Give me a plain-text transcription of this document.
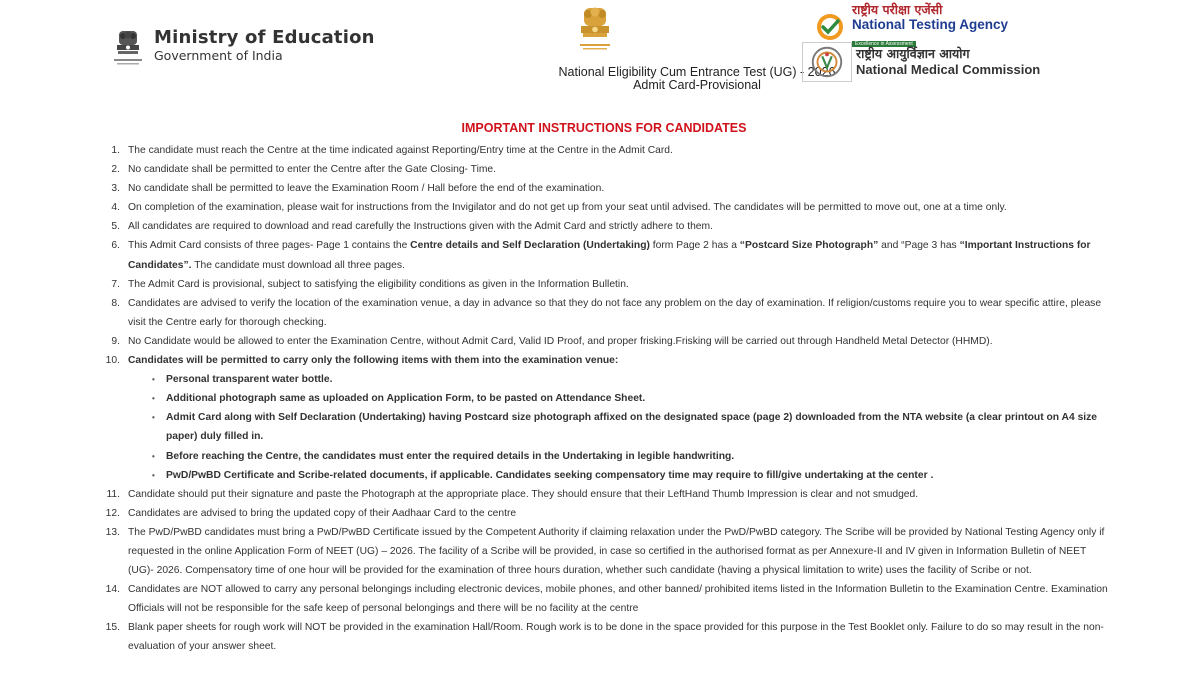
Ministry of Education
Government of India
National Eligibility Cum Entrance Test (UG) - 2026
Admit Card-Provisional
राष्ट्रीय परीक्षा एजेंसी
National Testing Agency
Excellence in Assessment
राष्ट्रीय आयुर्विज्ञान आयोग
National Medical Commission
IMPORTANT INSTRUCTIONS FOR CANDIDATES
1. The candidate must reach the Centre at the time indicated against Reporting/Entry time at the Centre in the Admit Card.
2. No candidate shall be permitted to enter the Centre after the Gate Closing- Time.
3. No candidate shall be permitted to leave the Examination Room / Hall before the end of the examination.
4. On completion of the examination, please wait for instructions from the Invigilator and do not get up from your seat until advised. The candidates will be permitted to move out, one at a time only.
5. All candidates are required to download and read carefully the Instructions given with the Admit Card and strictly adhere to them.
6. This Admit Card consists of three pages- Page 1 contains the Centre details and Self Declaration (Undertaking) form Page 2 has a “Postcard Size Photograph” and “Page 3 has “Important Instructions for Candidates”. The candidate must download all three pages.
7. The Admit Card is provisional, subject to satisfying the eligibility conditions as given in the Information Bulletin.
8. Candidates are advised to verify the location of the examination venue, a day in advance so that they do not face any problem on the day of examination. If religion/customs require you to wear specific attire, please visit the Centre early for thorough checking.
9. No Candidate would be allowed to enter the Examination Centre, without Admit Card, Valid ID Proof, and proper frisking.Frisking will be carried out through Handheld Metal Detector (HHMD).
10. Candidates will be permitted to carry only the following items with them into the examination venue:
•	Personal transparent water bottle.
•	Additional photograph same as uploaded on Application Form, to be pasted on Attendance Sheet.
•	Admit Card along with Self Declaration (Undertaking) having Postcard size photograph affixed on the designated space (page 2) downloaded from the NTA website (a clear printout on A4 size paper) duly filled in.
•	Before reaching the Centre, the candidates must enter the required details in the Undertaking in legible handwriting.
•	PwD/PwBD Certificate and Scribe-related documents, if applicable. Candidates seeking compensatory time may require to fill/give undertaking at the center .
11. Candidate should put their signature and paste the Photograph at the appropriate place. They should ensure that their LeftHand Thumb Impression is clear and not smudged.
12. Candidates are advised to bring the updated copy of their Aadhaar Card to the centre
13. The PwD/PwBD candidates must bring a PwD/PwBD Certificate issued by the Competent Authority if claiming relaxation under the PwD/PwBD category. The Scribe will be provided by National Testing Agency only if requested in the online Application Form of NEET (UG) – 2026. The facility of a Scribe will be provided, in case so certified in the authorised format as per Annexure-II and IV given in Information Bulletin of NEET (UG)- 2026. Compensatory time of one hour will be provided for the examination of three hours duration, whether such candidate (having a physical limitation to write) uses the facility of Scribe or not.
14. Candidates are NOT allowed to carry any personal belongings including electronic devices, mobile phones, and other banned/ prohibited items listed in the Information Bulletin to the Examination Centre. Examination Officials will not be responsible for the safe keep of personal belongings and there will be no facility at the centre
15. Blank paper sheets for rough work will NOT be provided in the examination Hall/Room. Rough work is to be done in the space provided for this purpose in the Test Booklet only. Failure to do so may result in the non-evaluation of your answer sheet.
